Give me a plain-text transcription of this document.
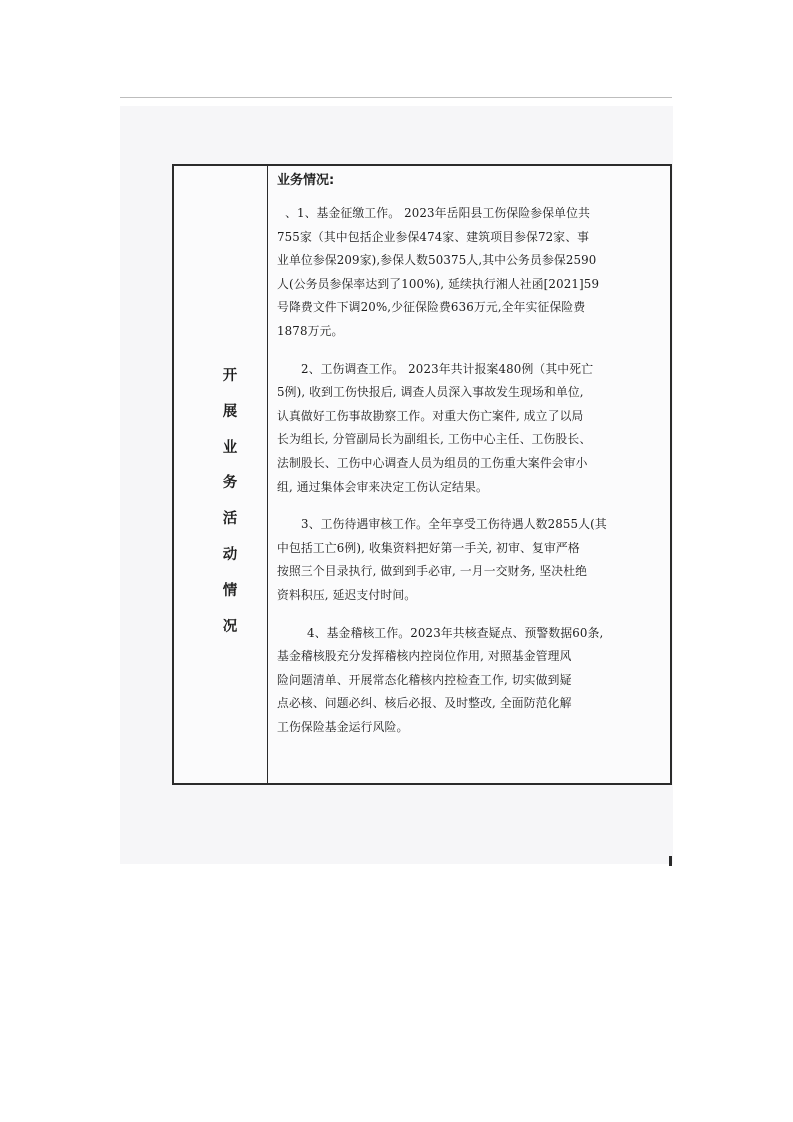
开
展
业
务
活
动
情
况
业务情况:

、1、基金征缴工作。 2023年岳阳县工伤保险参保单位共

755家（其中包括企业参保474家、建筑项目参保72家、事

业单位参保209家),参保人数50375人,其中公务员参保2590

人(公务员参保率达到了100%), 延续执行湘人社函[2021]59

号降费文件下调20%,少征保险费636万元,全年实征保险费

1878万元。

2、工伤调查工作。 2023年共计报案480例（其中死亡

5例), 收到工伤快报后, 调查人员深入事故发生现场和单位,

认真做好工伤事故勘察工作。对重大伤亡案件, 成立了以局

长为组长, 分管副局长为副组长, 工伤中心主任、工伤股长、

法制股长、工伤中心调查人员为组员的工伤重大案件会审小

组, 通过集体会审来决定工伤认定结果。

3、工伤待遇审核工作。全年享受工伤待遇人数2855人(其

中包括工亡6例), 收集资料把好第一手关, 初审、复审严格

按照三个目录执行, 做到到手必审, 一月一交财务, 坚决杜绝

资料积压, 延迟支付时间。

4、基金稽核工作。2023年共核查疑点、预警数据60条,

基金稽核股充分发挥稽核内控岗位作用, 对照基金管理风

险问题清单、开展常态化稽核内控检查工作, 切实做到疑

点必核、问题必纠、核后必报、及时整改, 全面防范化解

工伤保险基金运行风险。
